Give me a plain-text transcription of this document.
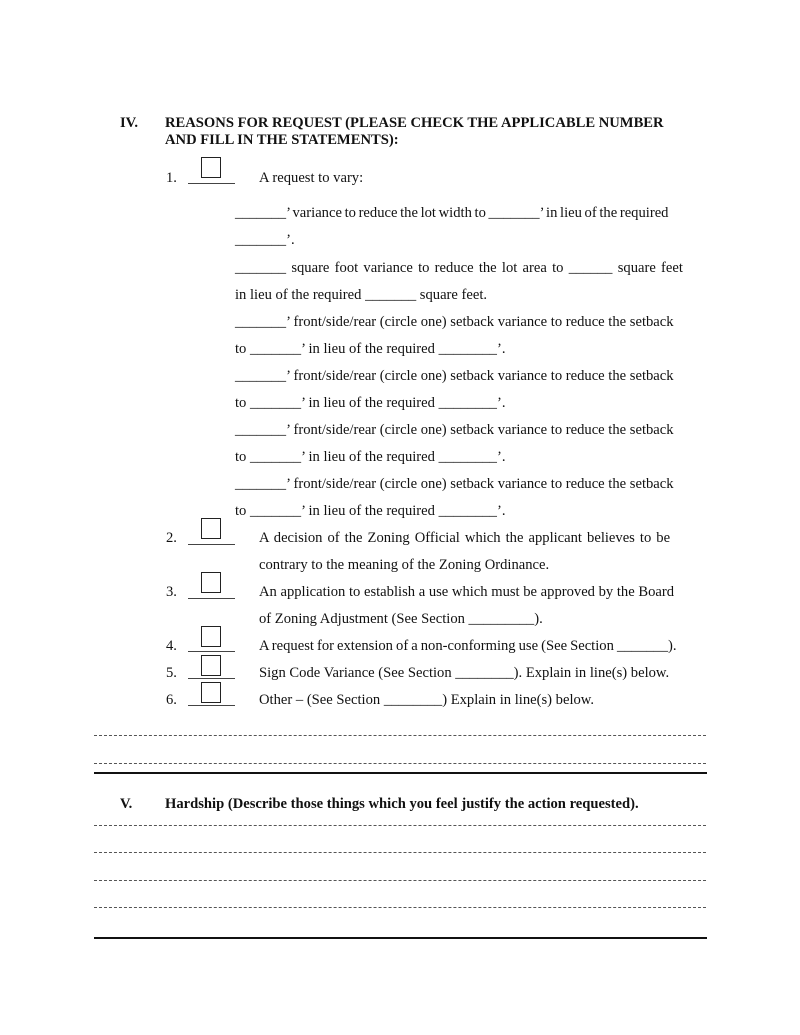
IV. REASONS FOR REQUEST (PLEASE CHECK THE APPLICABLE NUMBER
AND FILL IN THE STATEMENTS):
1.	A request to vary:
_______’ variance to reduce the lot width to _______’ in lieu of the required
_______’.
_______ square foot variance to reduce the lot area to ______ square feet
in lieu of the required _______ square feet.
_______’ front/side/rear (circle one) setback variance to reduce the setback
to _______’ in lieu of the required ________’.
_______’ front/side/rear (circle one) setback variance to reduce the setback
to _______’ in lieu of the required ________’.
_______’ front/side/rear (circle one) setback variance to reduce the setback
to _______’ in lieu of the required ________’.
_______’ front/side/rear (circle one) setback variance to reduce the setback
to _______’ in lieu of the required ________’.
2.	A decision of the Zoning Official which the applicant believes to be
contrary to the meaning of the Zoning Ordinance.
3.	An application to establish a use which must be approved by the Board
of Zoning Adjustment (See Section _________).
4.	A request for extension of a non-conforming use (See Section _______).
5.	Sign Code Variance (See Section ________). Explain in line(s) below.
6.	Other – (See Section ________) Explain in line(s) below.
V. Hardship (Describe those things which you feel justify the action requested).
